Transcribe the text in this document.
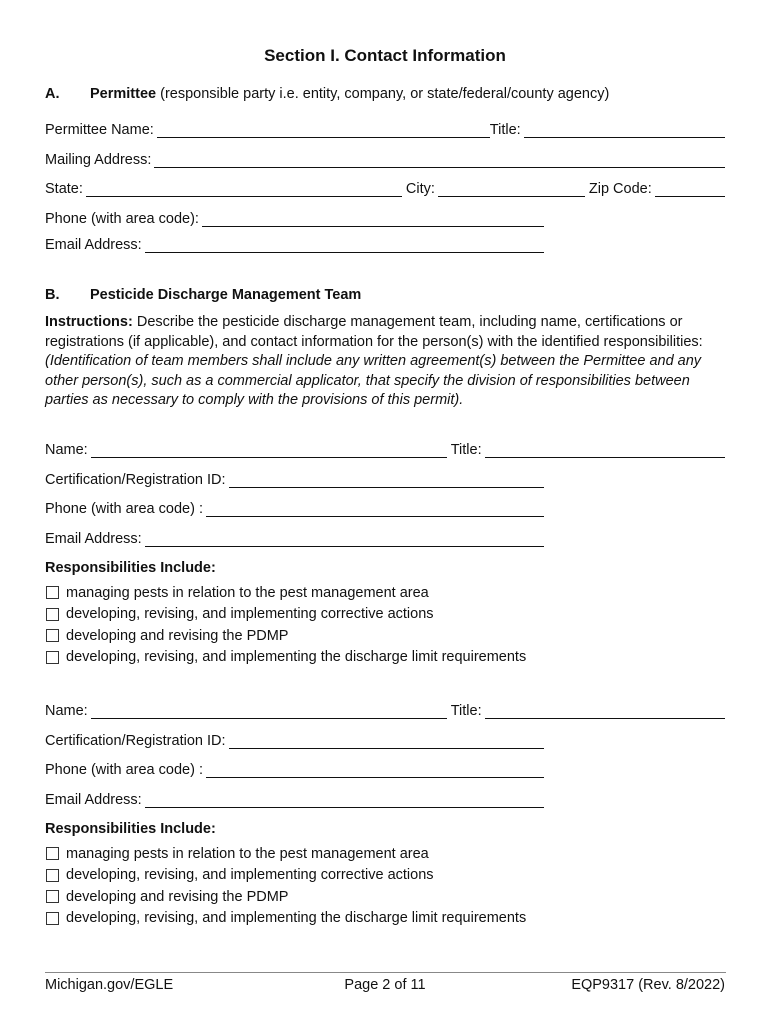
Section I. Contact Information
A. Permittee (responsible party i.e. entity, company, or state/federal/county agency)
Permittee Name:	Title:
Mailing Address:
State:	City:	Zip Code:
Phone (with area code):
Email Address:
B. Pesticide Discharge Management Team
Instructions: Describe the pesticide discharge management team, including name, certifications or registrations (if applicable), and contact information for the person(s) with the identified responsibilities: (Identification of team members shall include any written agreement(s) between the Permittee and any other person(s), such as a commercial applicator, that specify the division of responsibilities between parties as necessary to comply with the provisions of this permit).
Name:	Title:
Certification/Registration ID:
Phone (with area code) :
Email Address:
Responsibilities Include:
managing pests in relation to the pest management area
developing, revising, and implementing corrective actions
developing and revising the PDMP
developing, revising, and implementing the discharge limit requirements
Name:	Title:
Certification/Registration ID:
Phone (with area code) :
Email Address:
Responsibilities Include:
managing pests in relation to the pest management area
developing, revising, and implementing corrective actions
developing and revising the PDMP
developing, revising, and implementing the discharge limit requirements
Michigan.gov/EGLE	Page 2 of 11	EQP9317 (Rev. 8/2022)
